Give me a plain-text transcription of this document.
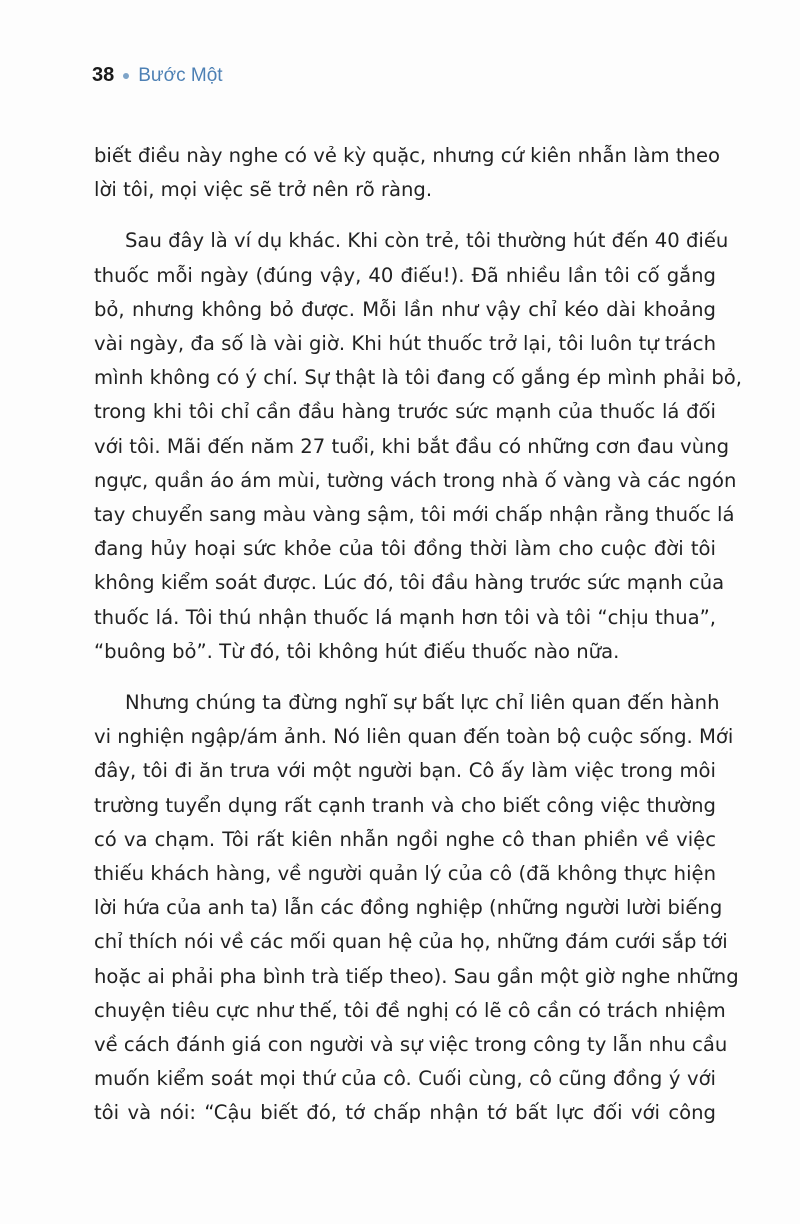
38 Bước Một

biết điều này nghe có vẻ kỳ quặc, nhưng cứ kiên nhẫn làm theo
lời tôi, mọi việc sẽ trở nên rõ ràng.

Sau đây là ví dụ khác. Khi còn trẻ, tôi thường hút đến 40 điếu
thuốc mỗi ngày (đúng vậy, 40 điếu!). Đã nhiều lần tôi cố gắng
bỏ, nhưng không bỏ được. Mỗi lần như vậy chỉ kéo dài khoảng
vài ngày, đa số là vài giờ. Khi hút thuốc trở lại, tôi luôn tự trách
mình không có ý chí. Sự thật là tôi đang cố gắng ép mình phải bỏ,
trong khi tôi chỉ cần đầu hàng trước sức mạnh của thuốc lá đối
với tôi. Mãi đến năm 27 tuổi, khi bắt đầu có những cơn đau vùng
ngực, quần áo ám mùi, tường vách trong nhà ố vàng và các ngón
tay chuyển sang màu vàng sậm, tôi mới chấp nhận rằng thuốc lá
đang hủy hoại sức khỏe của tôi đồng thời làm cho cuộc đời tôi
không kiểm soát được. Lúc đó, tôi đầu hàng trước sức mạnh của
thuốc lá. Tôi thú nhận thuốc lá mạnh hơn tôi và tôi “chịu thua”,
“buông bỏ”. Từ đó, tôi không hút điếu thuốc nào nữa.

Nhưng chúng ta đừng nghĩ sự bất lực chỉ liên quan đến hành
vi nghiện ngập/ám ảnh. Nó liên quan đến toàn bộ cuộc sống. Mới
đây, tôi đi ăn trưa với một người bạn. Cô ấy làm việc trong môi
trường tuyển dụng rất cạnh tranh và cho biết công việc thường
có va chạm. Tôi rất kiên nhẫn ngồi nghe cô than phiền về việc
thiếu khách hàng, về người quản lý của cô (đã không thực hiện
lời hứa của anh ta) lẫn các đồng nghiệp (những người lười biếng
chỉ thích nói về các mối quan hệ của họ, những đám cưới sắp tới
hoặc ai phải pha bình trà tiếp theo). Sau gần một giờ nghe những
chuyện tiêu cực như thế, tôi đề nghị có lẽ cô cần có trách nhiệm
về cách đánh giá con người và sự việc trong công ty lẫn nhu cầu
muốn kiểm soát mọi thứ của cô. Cuối cùng, cô cũng đồng ý với
tôi và nói: “Cậu biết đó, tớ chấp nhận tớ bất lực đối với công
